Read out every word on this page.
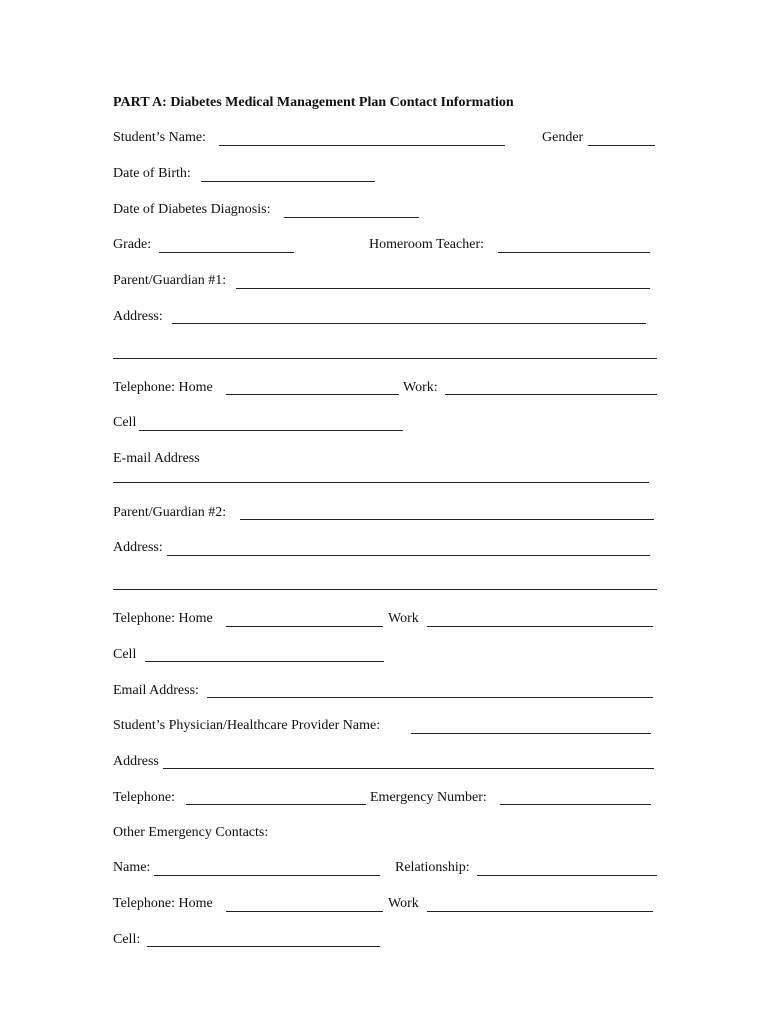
PART A: Diabetes Medical Management Plan Contact Information
Student’s Name:	Gender
Date of Birth:
Date of Diabetes Diagnosis:
Grade:	Homeroom Teacher:
Parent/Guardian #1:
Address:
Telephone: Home	Work:
Cell
E-mail Address
Parent/Guardian #2:
Address:
Telephone: Home	Work
Cell
Email Address:
Student’s Physician/Healthcare Provider Name:
Address
Telephone:	Emergency Number:
Other Emergency Contacts:
Name:	Relationship:
Telephone: Home	Work
Cell:
